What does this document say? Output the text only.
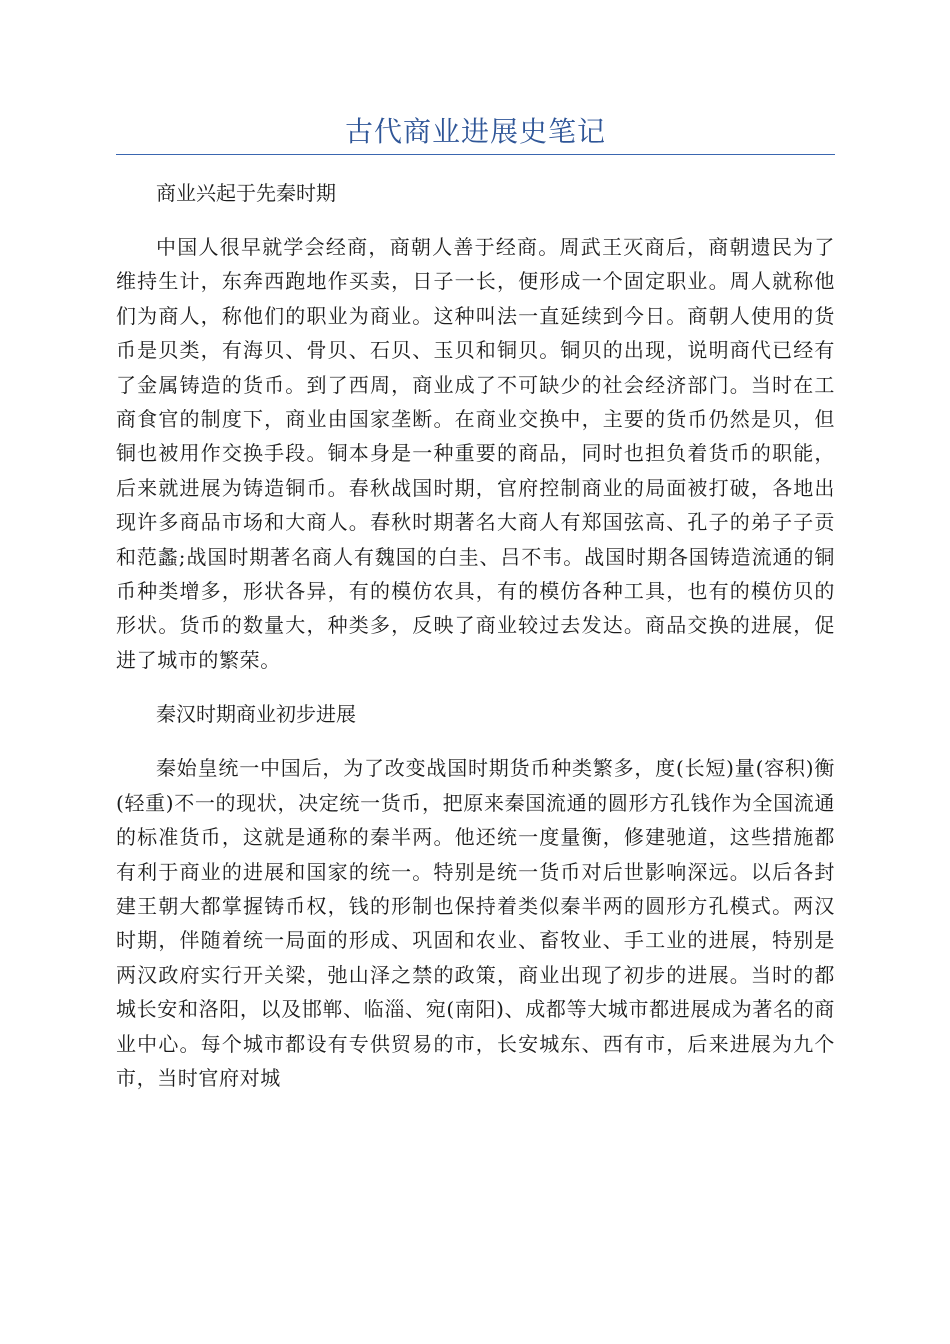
古代商业进展史笔记
商业兴起于先秦时期

中国人很早就学会经商，商朝人善于经商。周武王灭商后，商朝遗民为了维持生计，东奔西跑地作买卖，日子一长，便形成一个固定职业。周人就称他们为商人，称他们的职业为商业。这种叫法一直延续到今日。商朝人使用的货币是贝类，有海贝、骨贝、石贝、玉贝和铜贝。铜贝的出现，说明商代已经有了金属铸造的货币。到了西周，商业成了不可缺少的社会经济部门。当时在工商食官的制度下，商业由国家垄断。在商业交换中，主要的货币仍然是贝，但铜也被用作交换手段。铜本身是一种重要的商品，同时也担负着货币的职能，后来就进展为铸造铜币。春秋战国时期，官府控制商业的局面被打破，各地出现许多商品市场和大商人。春秋时期著名大商人有郑国弦高、孔子的弟子子贡和范蠡;战国时期著名商人有魏国的白圭、吕不韦。战国时期各国铸造流通的铜币种类增多，形状各异，有的模仿农具，有的模仿各种工具，也有的模仿贝的形状。货币的数量大，种类多，反映了商业较过去发达。商品交换的进展，促进了城市的繁荣。

秦汉时期商业初步进展

秦始皇统一中国后，为了改变战国时期货币种类繁多，度(长短)量(容积)衡(轻重)不一的现状，决定统一货币，把原来秦国流通的圆形方孔钱作为全国流通的标准货币，这就是通称的秦半两。他还统一度量衡，修建驰道，这些措施都有利于商业的进展和国家的统一。特别是统一货币对后世影响深远。以后各封建王朝大都掌握铸币权，钱的形制也保持着类似秦半两的圆形方孔模式。两汉时期，伴随着统一局面的形成、巩固和农业、畜牧业、手工业的进展，特别是两汉政府实行开关梁，弛山泽之禁的政策，商业出现了初步的进展。当时的都城长安和洛阳，以及邯郸、临淄、宛(南阳)、成都等大城市都进展成为著名的商业中心。每个城市都设有专供贸易的市，长安城东、西有市，后来进展为九个市，当时官府对城
